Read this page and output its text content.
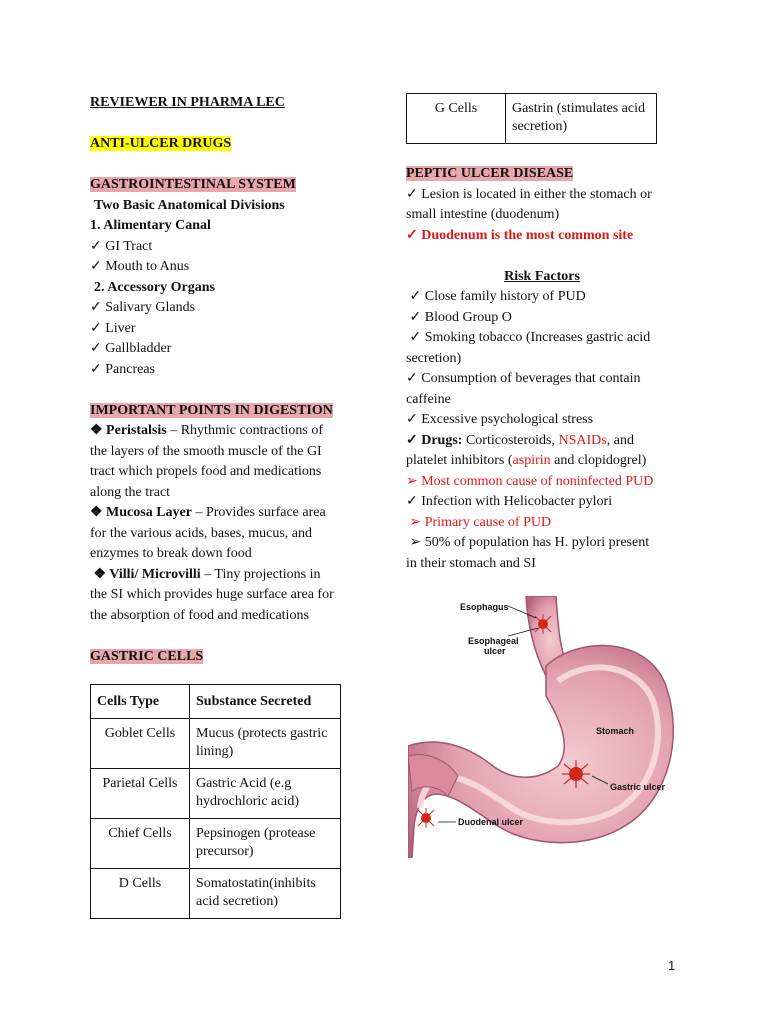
REVIEWER IN PHARMA LEC
ANTI-ULCER DRUGS
GASTROINTESTINAL SYSTEM
Two Basic Anatomical Divisions
1. Alimentary Canal
✓ GI Tract
✓ Mouth to Anus
2. Accessory Organs
✓ Salivary Glands
✓ Liver
✓ Gallbladder
✓ Pancreas
IMPORTANT POINTS IN DIGESTION
❖ Peristalsis – Rhythmic contractions of
the layers of the smooth muscle of the GI
tract which propels food and medications
along the tract
❖ Mucosa Layer – Provides surface area
for the various acids, bases, mucus, and
enzymes to break down food
❖ Villi/ Microvilli – Tiny projections in
the SI which provides huge surface area for
the absorption of food and medications
GASTRIC CELLS
Cells Type	Substance Secreted
Goblet Cells	Mucus (protects gastric lining)
Parietal Cells	Gastric Acid (e.g hydrochloric acid)
Chief Cells	Pepsinogen (protease precursor)
D Cells	Somatostatin(inhibits acid secretion)
G Cells	Gastrin (stimulates acid secretion)
PEPTIC ULCER DISEASE
✓ Lesion is located in either the stomach or
small intestine (duodenum)
✓ Duodenum is the most common site
Risk Factors
✓ Close family history of PUD
✓ Blood Group O
✓ Smoking tobacco (Increases gastric acid
secretion)
✓ Consumption of beverages that contain
caffeine
✓ Excessive psychological stress
✓ Drugs: Corticosteroids, NSAIDs, and
platelet inhibitors (aspirin and clopidogrel)
➢ Most common cause of noninfected PUD
✓ Infection with Helicobacter pylori
➢ Primary cause of PUD
➢ 50% of population has H. pylori present
in their stomach and SI
Esophagus
Esophageal
ulcer
Stomach
Gastric ulcer
Duodenal ulcer
1
